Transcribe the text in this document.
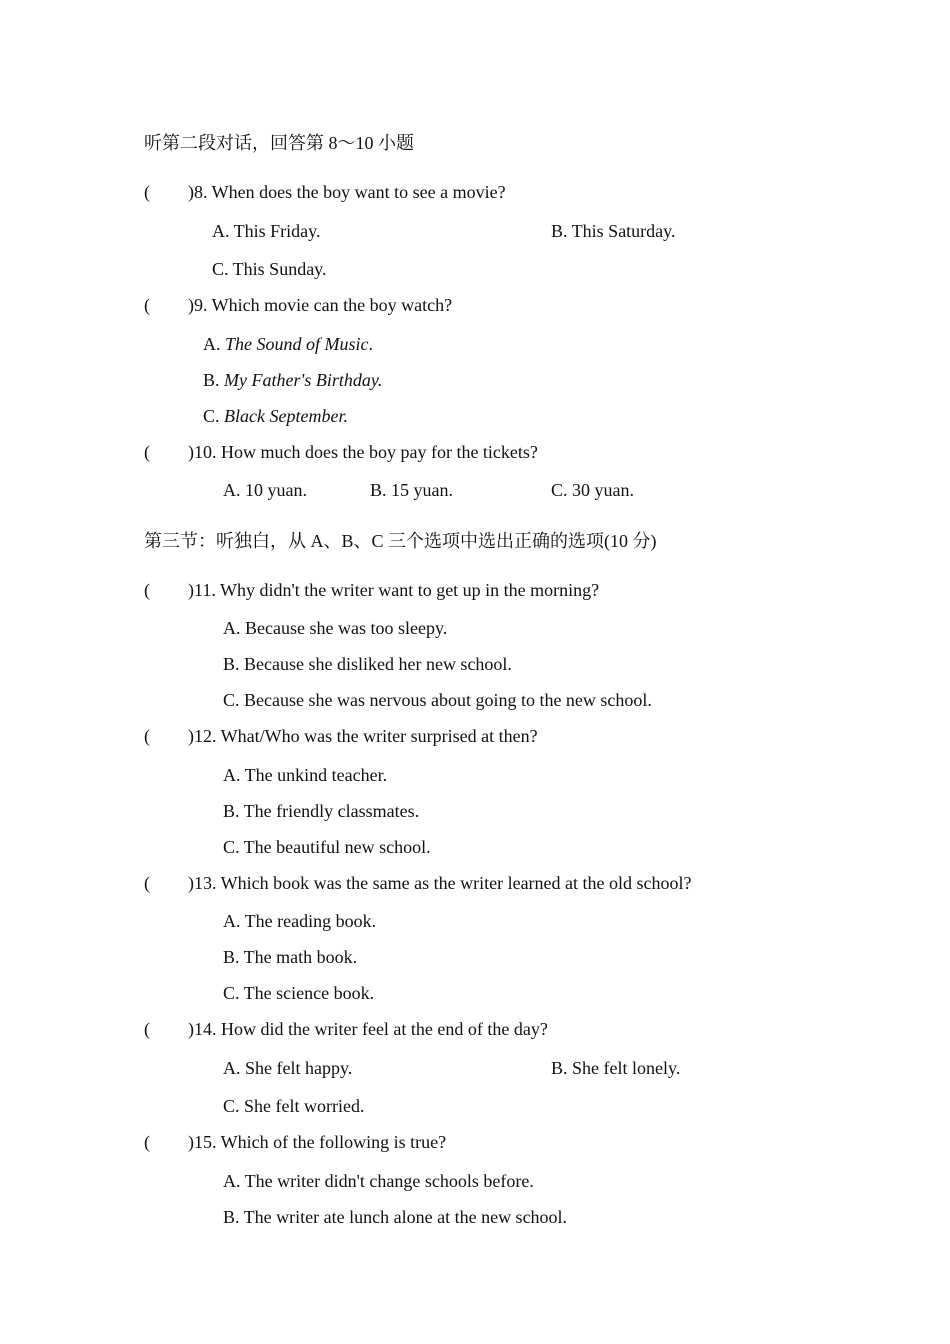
听第二段对话，回答第 8～10 小题
( )8. When does the boy want to see a movie?
A. This Friday.	B. This Saturday.
C. This Sunday.
( )9. Which movie can the boy watch?
A. The Sound of Music.
B. My Father's Birthday.
C. Black September.
( )10. How much does the boy pay for the tickets?
A. 10 yuan.	B. 15 yuan.	C. 30 yuan.
第三节：听独白，从 A、B、C 三个选项中选出正确的选项(10 分)
( )11. Why didn't the writer want to get up in the morning?
A. Because she was too sleepy.
B. Because she disliked her new school.
C. Because she was nervous about going to the new school.
( )12. What/Who was the writer surprised at then?
A. The unkind teacher.
B. The friendly classmates.
C. The beautiful new school.
( )13. Which book was the same as the writer learned at the old school?
A. The reading book.
B. The math book.
C. The science book.
( )14. How did the writer feel at the end of the day?
A. She felt happy.	B. She felt lonely.
C. She felt worried.
( )15. Which of the following is true?
A. The writer didn't change schools before.
B. The writer ate lunch alone at the new school.
